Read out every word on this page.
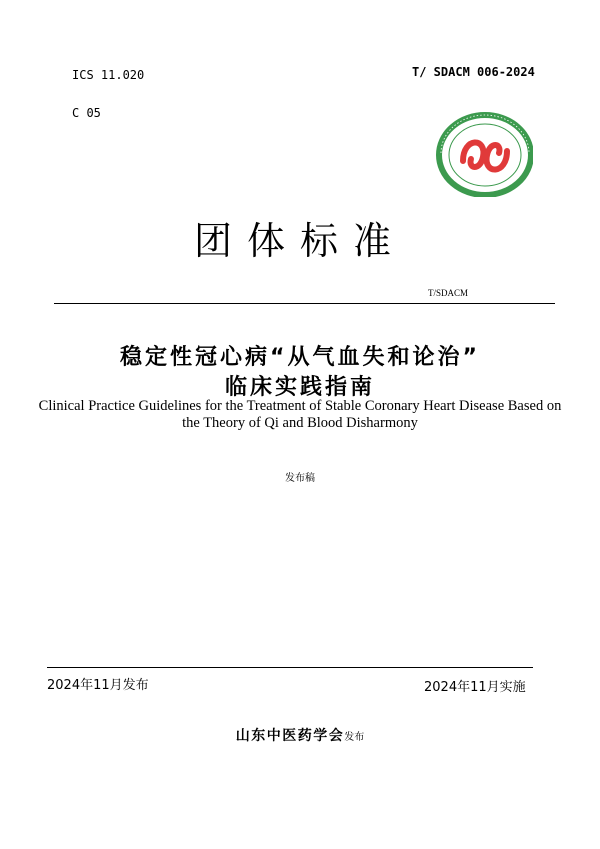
ICS 11.020
C 05
T/ SDACM 006-2024
团体标准
T/SDACM
稳定性冠心病“从气血失和论治”
临床实践指南
Clinical Practice Guidelines for the Treatment of Stable Coronary Heart Disease Based on the Theory of Qi and Blood Disharmony
发布稿
2024年11月发布	2024年11月实施
山东中医药学会发布
